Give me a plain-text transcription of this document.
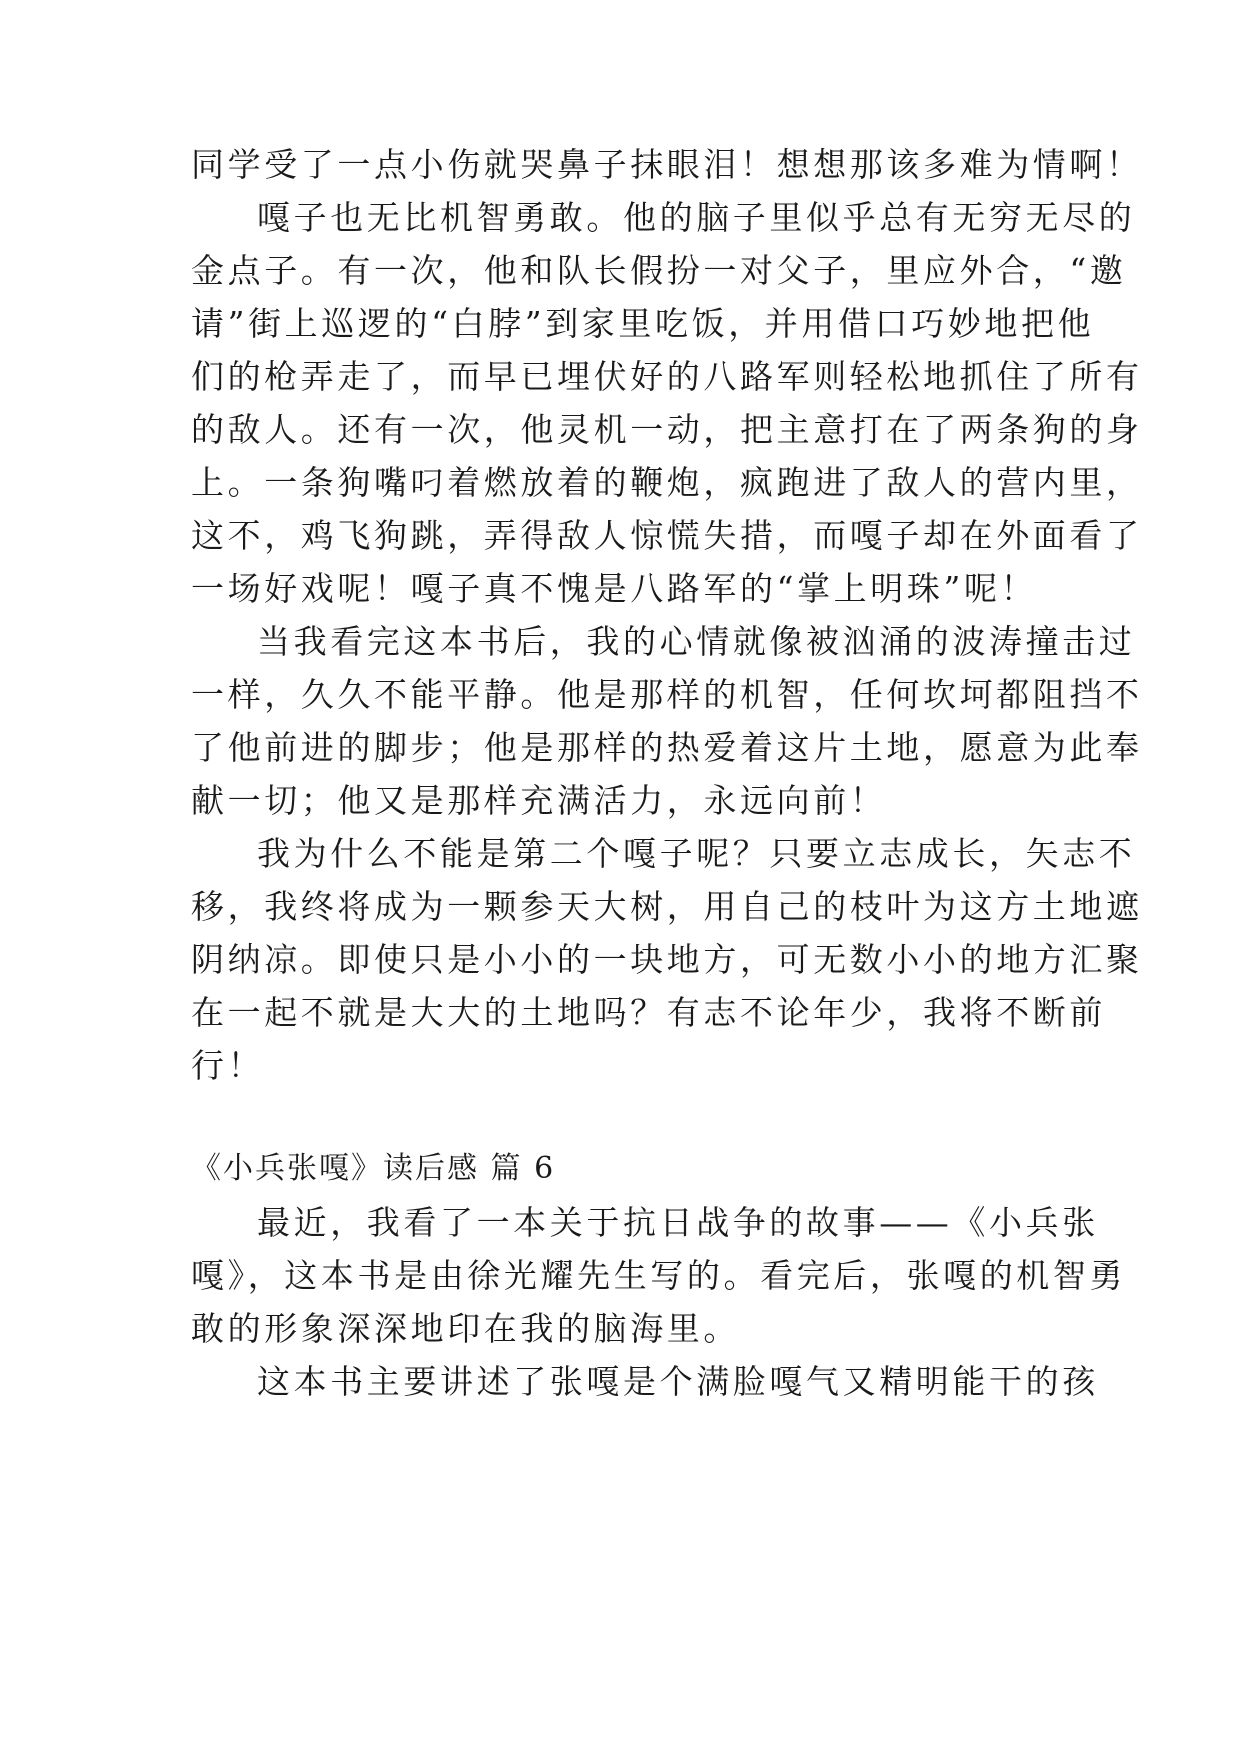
同学受了一点小伤就哭鼻子抹眼泪！想想那该多难为情啊！
嘎子也无比机智勇敢。他的脑子里似乎总有无穷无尽的
金点子。有一次，他和队长假扮一对父子，里应外合，“邀
请”街上巡逻的“白脖”到家里吃饭，并用借口巧妙地把他
们的枪弄走了，而早已埋伏好的八路军则轻松地抓住了所有
的敌人。还有一次，他灵机一动，把主意打在了两条狗的身
上。一条狗嘴叼着燃放着的鞭炮，疯跑进了敌人的营内里，
这不，鸡飞狗跳，弄得敌人惊慌失措，而嘎子却在外面看了
一场好戏呢！嘎子真不愧是八路军的“掌上明珠”呢！
当我看完这本书后，我的心情就像被汹涌的波涛撞击过
一样，久久不能平静。他是那样的机智，任何坎坷都阻挡不
了他前进的脚步；他是那样的热爱着这片土地，愿意为此奉
献一切；他又是那样充满活力，永远向前！
我为什么不能是第二个嘎子呢？只要立志成长，矢志不
移，我终将成为一颗参天大树，用自己的枝叶为这方土地遮
阴纳凉。即使只是小小的一块地方，可无数小小的地方汇聚
在一起不就是大大的土地吗？有志不论年少，我将不断前
行！
《小兵张嘎》读后感 篇 6
最近，我看了一本关于抗日战争的故事——《小兵张
嘎》，这本书是由徐光耀先生写的。看完后，张嘎的机智勇
敢的形象深深地印在我的脑海里。
这本书主要讲述了张嘎是个满脸嘎气又精明能干的孩
